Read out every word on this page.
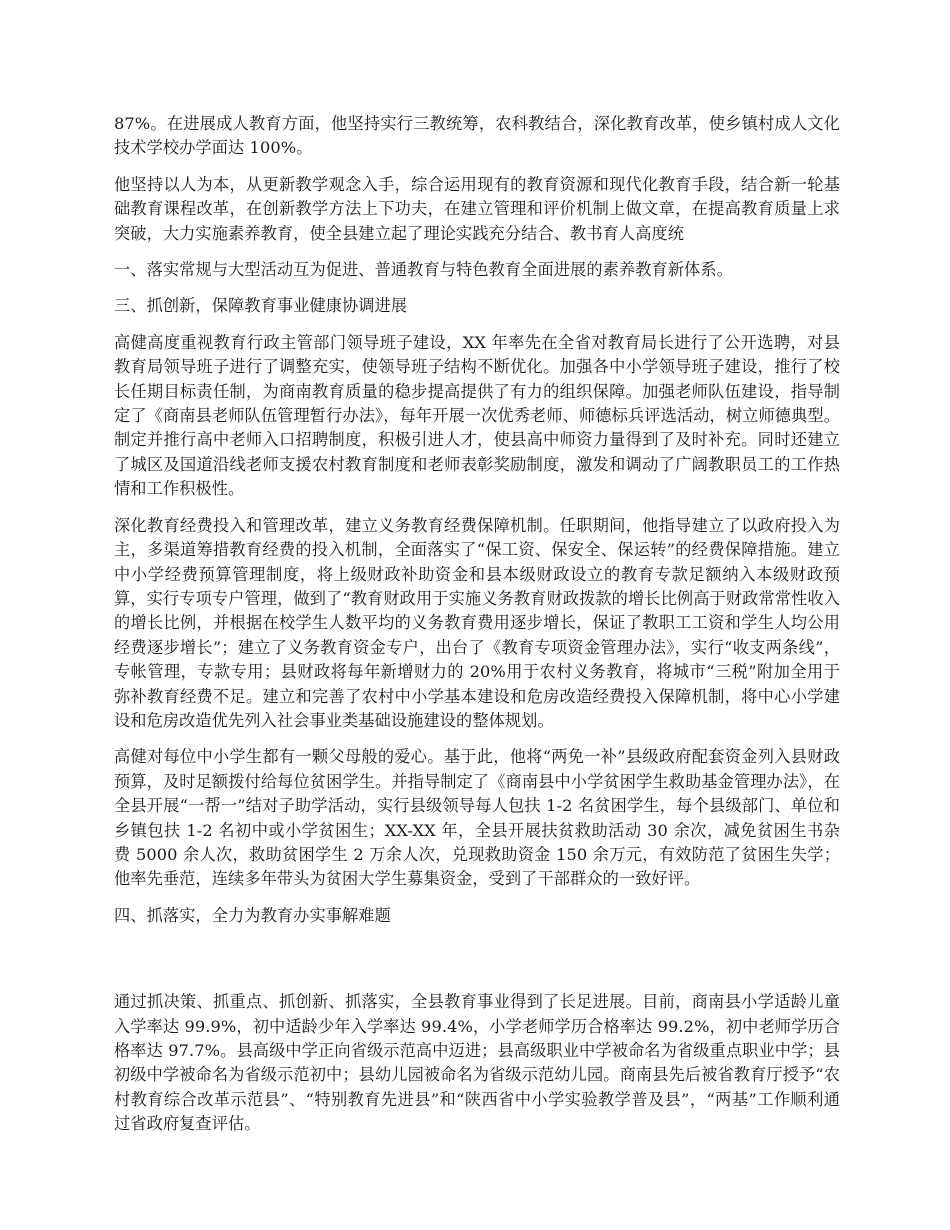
87%。在进展成人教育方面，他坚持实行三教统筹，农科教结合，深化教育改革，使乡镇村成人文化技术学校办学面达 100%。

他坚持以人为本，从更新教学观念入手，综合运用现有的教育资源和现代化教育手段，结合新一轮基础教育课程改革，在创新教学方法上下功夫，在建立管理和评价机制上做文章，在提高教育质量上求突破，大力实施素养教育，使全县建立起了理论实践充分结合、教书育人高度统

一、落实常规与大型活动互为促进、普通教育与特色教育全面进展的素养教育新体系。

三、抓创新，保障教育事业健康协调进展

高健高度重视教育行政主管部门领导班子建设，XX 年率先在全省对教育局长进行了公开选聘，对县教育局领导班子进行了调整充实，使领导班子结构不断优化。加强各中小学领导班子建设，推行了校长任期目标责任制，为商南教育质量的稳步提高提供了有力的组织保障。加强老师队伍建设，指导制定了《商南县老师队伍管理暂行办法》，每年开展一次优秀老师、师德标兵评选活动，树立师德典型。制定并推行高中老师入口招聘制度，积极引进人才，使县高中师资力量得到了及时补充。同时还建立了城区及国道沿线老师支援农村教育制度和老师表彰奖励制度，激发和调动了广阔教职员工的工作热情和工作积极性。

深化教育经费投入和管理改革，建立义务教育经费保障机制。任职期间，他指导建立了以政府投入为主，多渠道筹措教育经费的投入机制，全面落实了“保工资、保安全、保运转”的经费保障措施。建立中小学经费预算管理制度，将上级财政补助资金和县本级财政设立的教育专款足额纳入本级财政预算，实行专项专户管理，做到了“教育财政用于实施义务教育财政拨款的增长比例高于财政常常性收入的增长比例，并根据在校学生人数平均的义务教育费用逐步增长，保证了教职工工资和学生人均公用经费逐步增长”；建立了义务教育资金专户，出台了《教育专项资金管理办法》，实行“收支两条线”，专帐管理，专款专用；县财政将每年新增财力的 20%用于农村义务教育，将城市“三税”附加全用于弥补教育经费不足。建立和完善了农村中小学基本建设和危房改造经费投入保障机制，将中心小学建设和危房改造优先列入社会事业类基础设施建设的整体规划。

高健对每位中小学生都有一颗父母般的爱心。基于此，他将“两免一补”县级政府配套资金列入县财政预算，及时足额拨付给每位贫困学生。并指导制定了《商南县中小学贫困学生救助基金管理办法》，在全县开展“一帮一”结对子助学活动，实行县级领导每人包扶 1-2 名贫困学生，每个县级部门、单位和乡镇包扶 1-2 名初中或小学贫困生；XX-XX 年，全县开展扶贫救助活动 30 余次，减免贫困生书杂费 5000 余人次，救助贫困学生 2 万余人次，兑现救助资金 150 余万元，有效防范了贫困生失学；他率先垂范，连续多年带头为贫困大学生募集资金，受到了干部群众的一致好评。

四、抓落实，全力为教育办实事解难题

通过抓决策、抓重点、抓创新、抓落实，全县教育事业得到了长足进展。目前，商南县小学适龄儿童入学率达 99.9%，初中适龄少年入学率达 99.4%，小学老师学历合格率达 99.2%，初中老师学历合格率达 97.7%。县高级中学正向省级示范高中迈进；县高级职业中学被命名为省级重点职业中学；县初级中学被命名为省级示范初中；县幼儿园被命名为省级示范幼儿园。商南县先后被省教育厅授予“农村教育综合改革示范县”、“特别教育先进县”和“陕西省中小学实验教学普及县”，“两基”工作顺利通过省政府复查评估。
